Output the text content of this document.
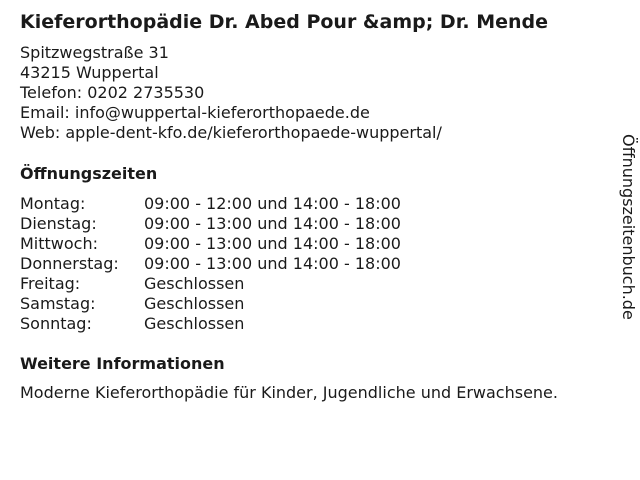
Kieferorthopädie Dr. Abed Pour &amp; Dr. Mende
Spitzwegstraße 31
43215 Wuppertal
Telefon: 0202 2735530
Email: info@wuppertal-kieferorthopaede.de
Web: apple-dent-kfo.de/kieferorthopaede-wuppertal/
Öffnungszeiten
Montag:	09:00 - 12:00 und 14:00 - 18:00
Dienstag:	09:00 - 13:00 und 14:00 - 18:00
Mittwoch:	09:00 - 13:00 und 14:00 - 18:00
Donnerstag:	09:00 - 13:00 und 14:00 - 18:00
Freitag:	Geschlossen
Samstag:	Geschlossen
Sonntag:	Geschlossen
Weitere Informationen
Moderne Kieferorthopädie für Kinder, Jugendliche und Erwachsene.
Öffnungszeitenbuch.de
